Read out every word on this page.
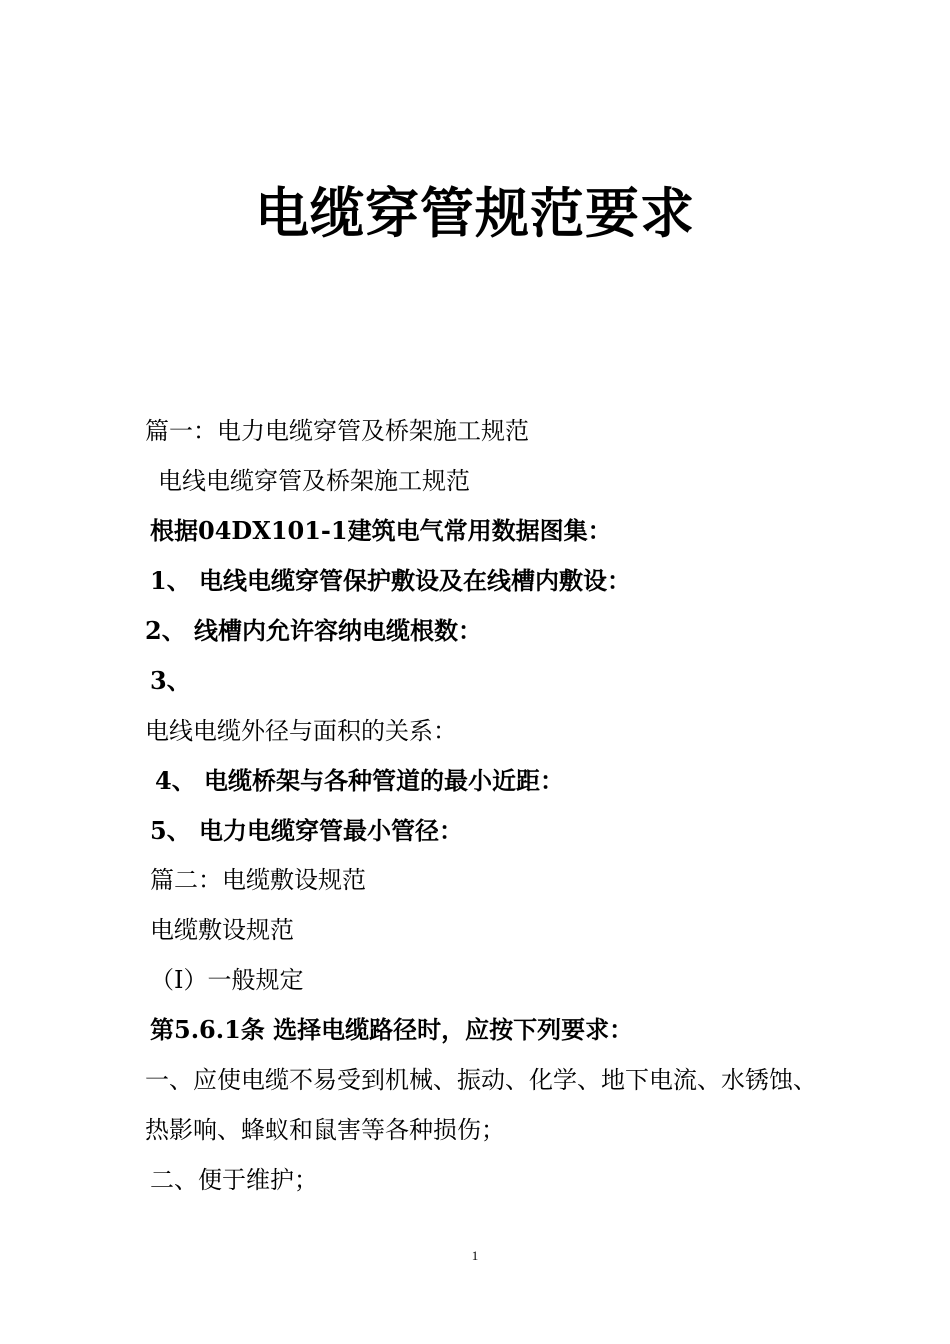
电缆穿管规范要求
篇一：电力电缆穿管及桥架施工规范
电线电缆穿管及桥架施工规范
根据04DX101-1建筑电气常用数据图集：
1、 电线电缆穿管保护敷设及在线槽内敷设：
2、 线槽内允许容纳电缆根数：
3、
电线电缆外径与面积的关系：
4、 电缆桥架与各种管道的最小近距：
5、 电力电缆穿管最小管径：
篇二：电缆敷设规范
电缆敷设规范
（Ⅰ）一般规定
第5.6.1条 选择电缆路径时，应按下列要求：
一、应使电缆不易受到机械、振动、化学、地下电流、水锈蚀、
热影响、蜂蚁和鼠害等各种损伤；
二、便于维护；
1
